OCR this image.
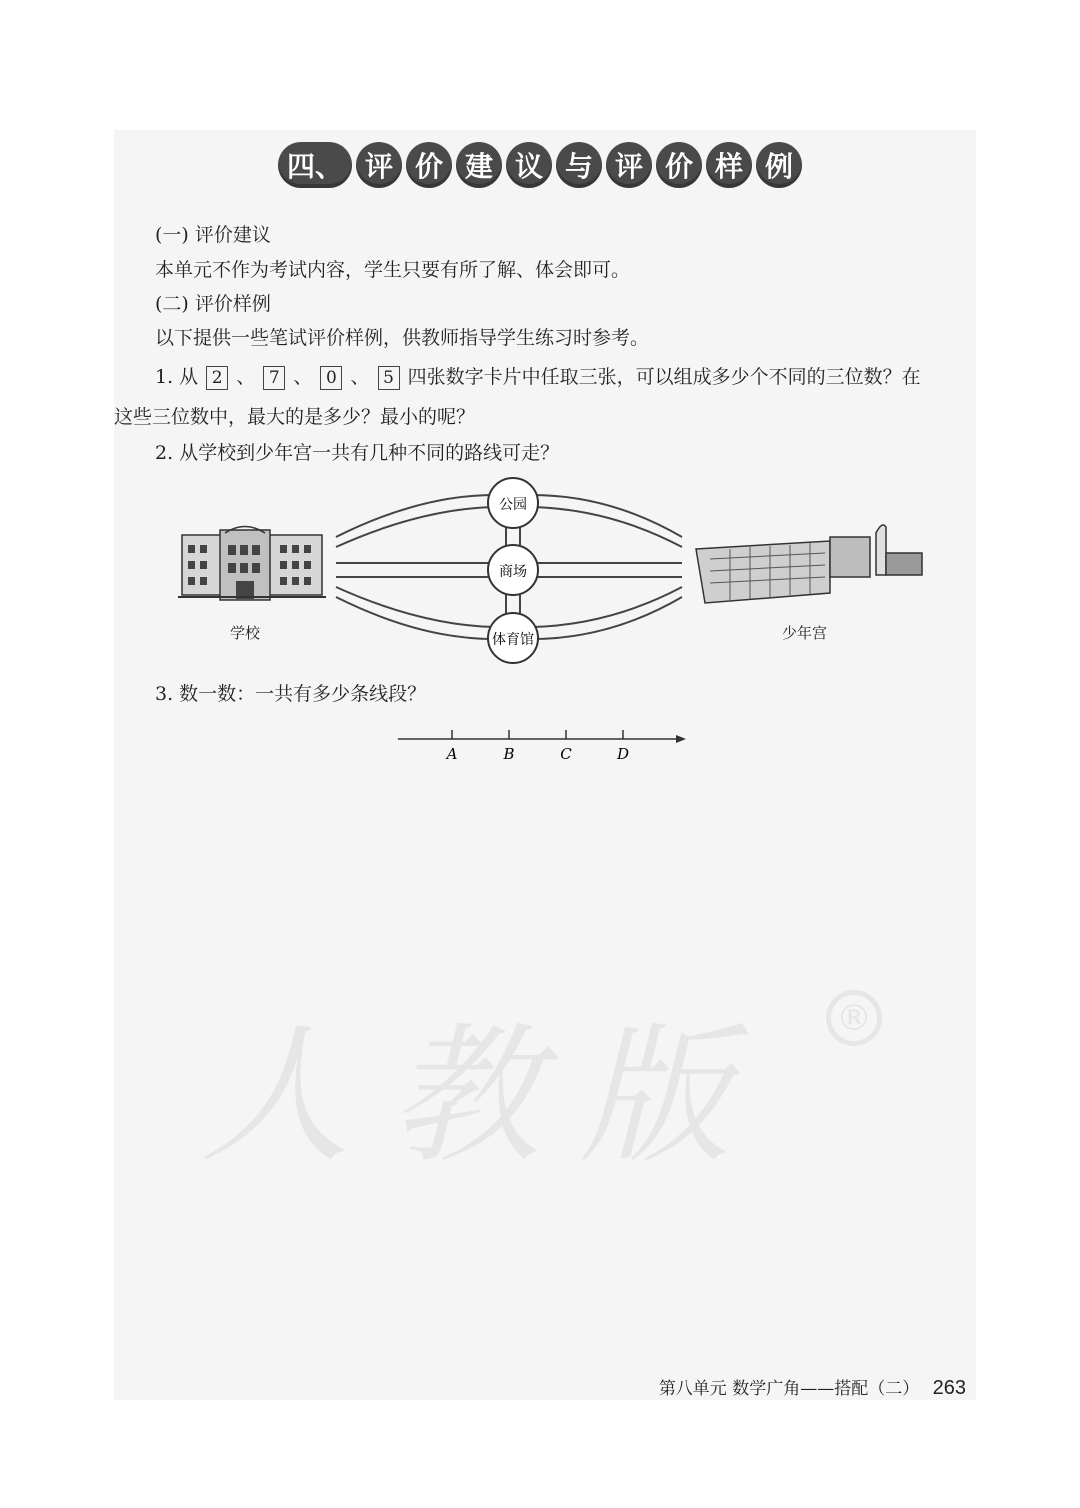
四、 评 价 建 议 与 评 价 样 例
(一) 评价建议
本单元不作为考试内容，学生只要有所了解、体会即可。
(二) 评价样例
以下提供一些笔试评价样例，供教师指导学生练习时参考。
1. 从 2 、 7 、 0 、 5 四张数字卡片中任取三张，可以组成多少个不同的三位数？在
这些三位数中，最大的是多少？最小的呢？
2. 从学校到少年宫一共有几种不同的路线可走？
学校
公园
商场
体育馆	少年宫
3. 数一数：一共有多少条线段？
A	B	C	D
人教版 ®
第八单元 数学广角——搭配（二） 263
